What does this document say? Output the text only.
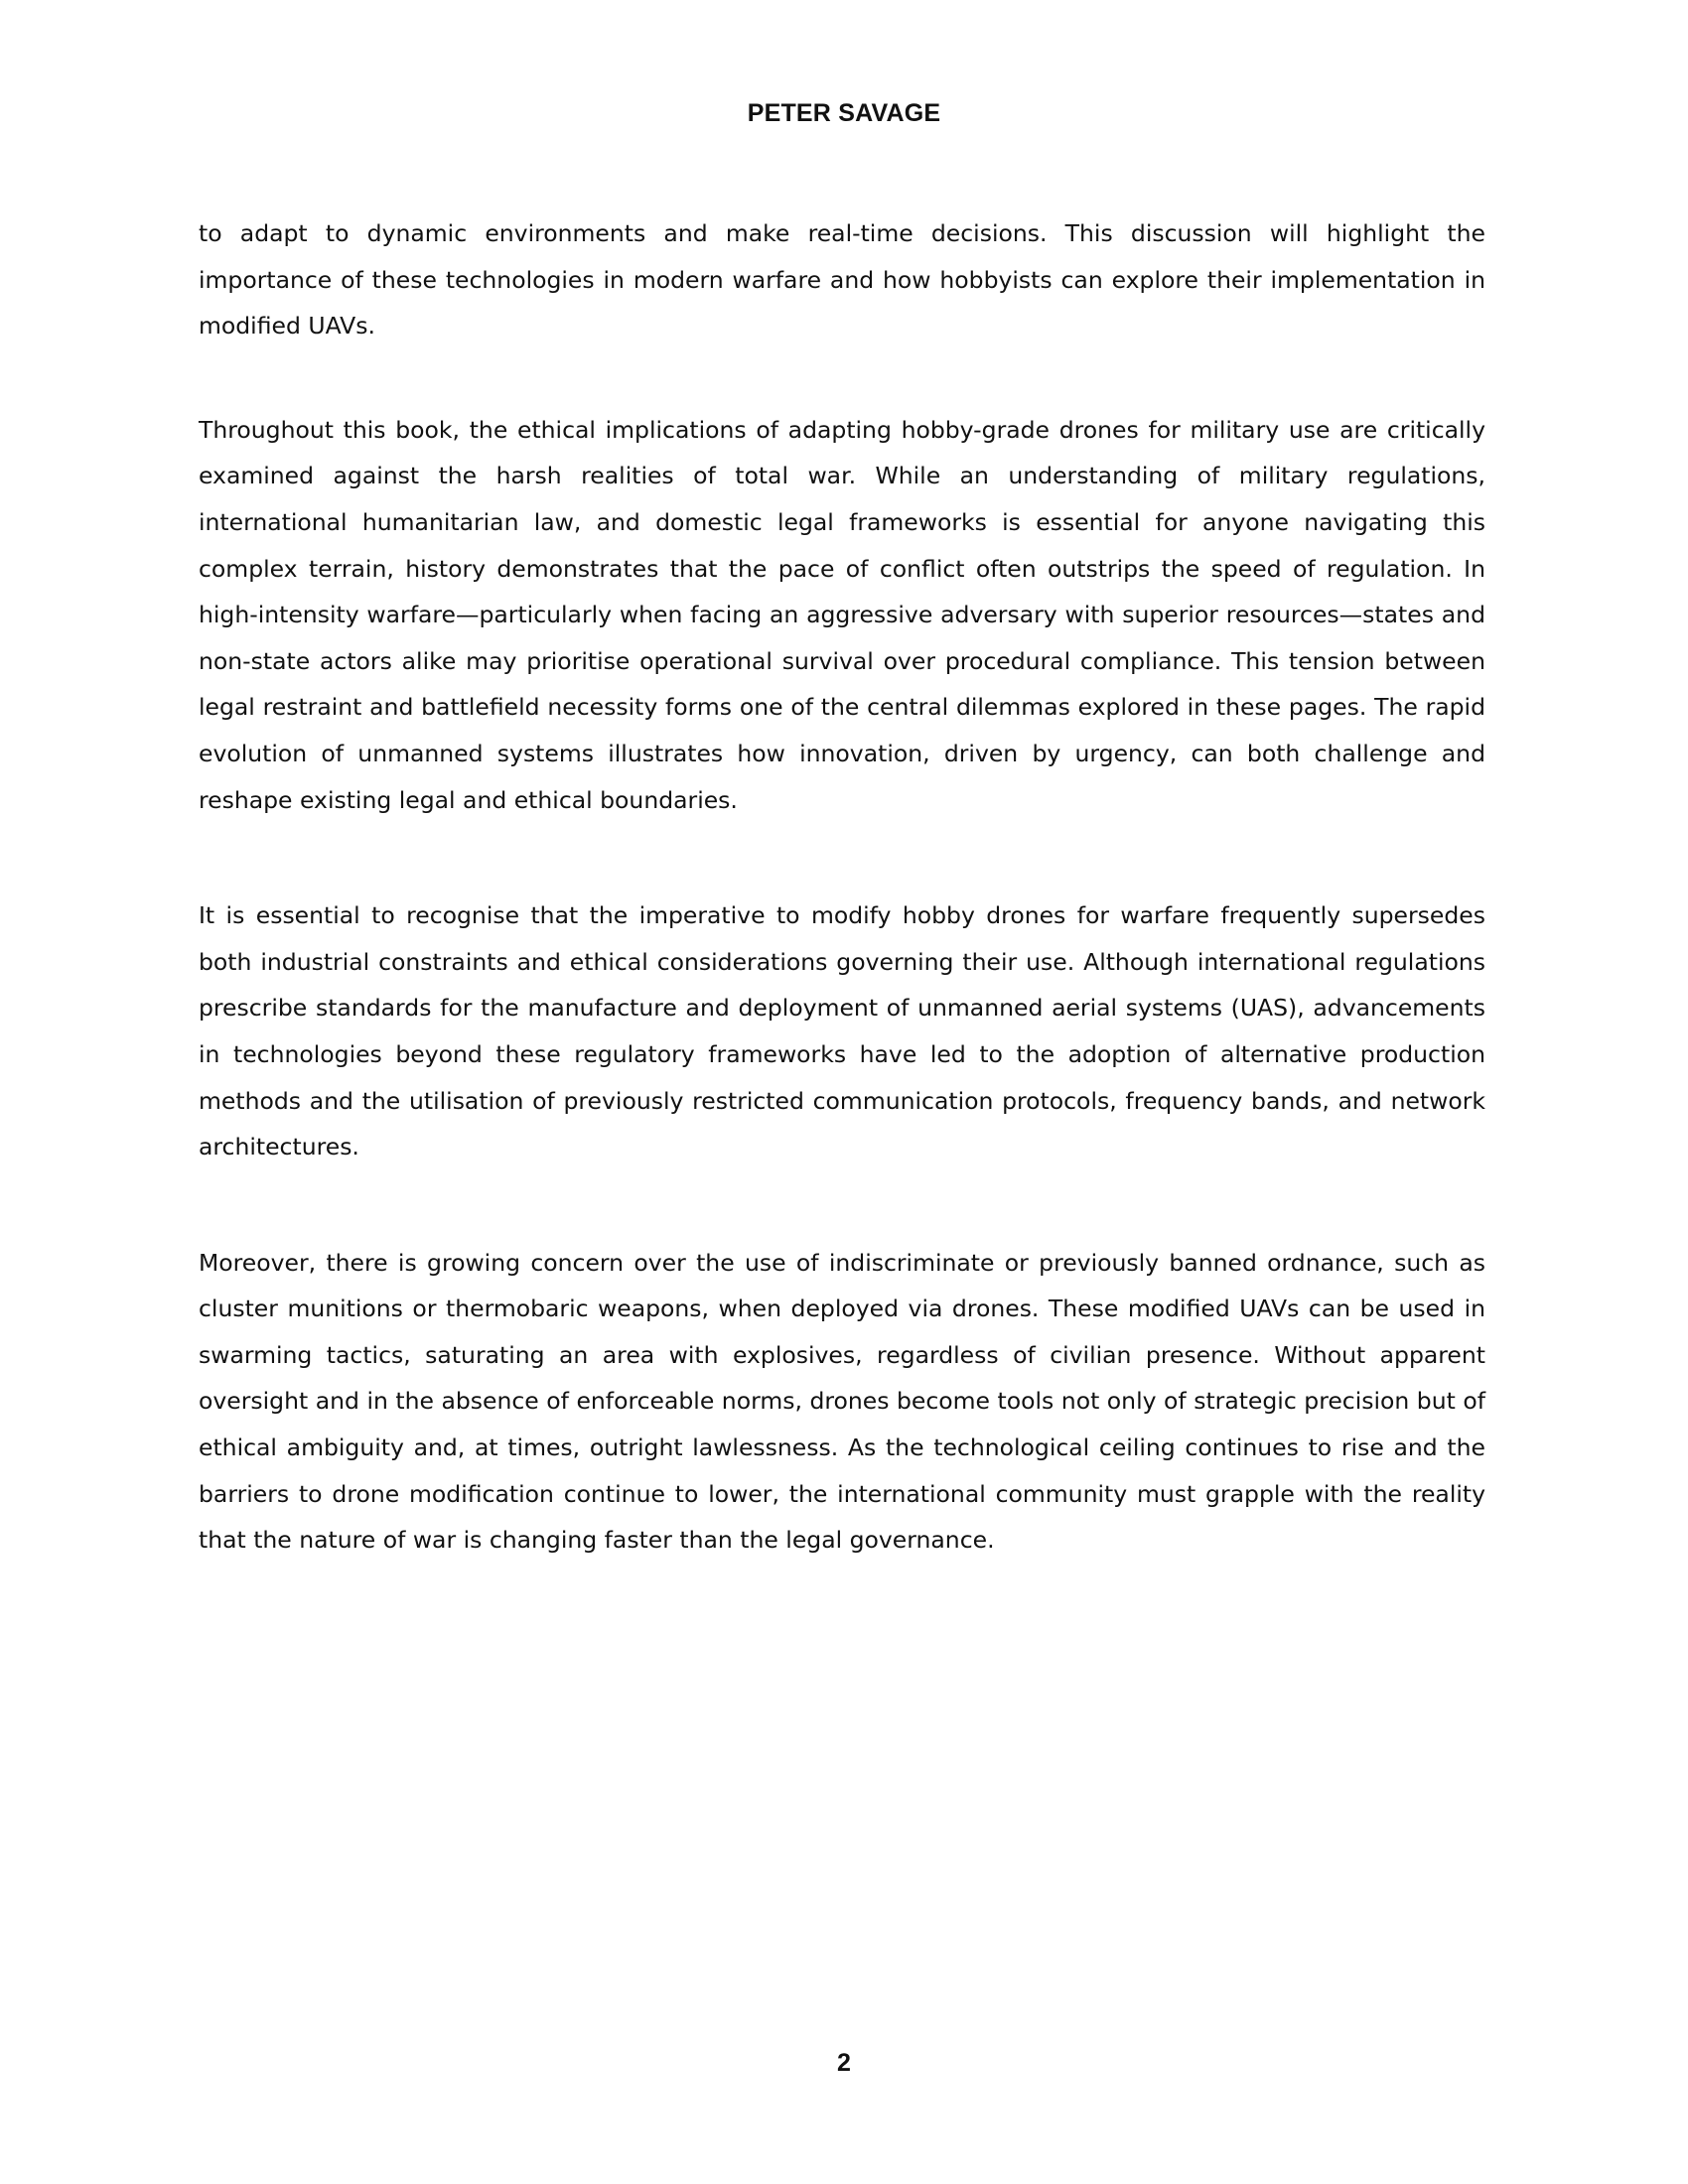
PETER SAVAGE

to adapt to dynamic environments and make real-time decisions. This discussion will highlight the importance of these technologies in modern warfare and how hobbyists can explore their implementation in modified UAVs.

Throughout this book, the ethical implications of adapting hobby-grade drones for military use are critically examined against the harsh realities of total war. While an understanding of military regulations, international humanitarian law, and domestic legal frameworks is essential for anyone navigating this complex terrain, history demonstrates that the pace of conflict often outstrips the speed of regulation. In high-intensity warfare—particularly when facing an aggressive adversary with superior resources—states and non-state actors alike may prioritise operational survival over procedural compliance. This tension between legal restraint and battlefield necessity forms one of the central dilemmas explored in these pages. The rapid evolution of unmanned systems illustrates how innovation, driven by urgency, can both challenge and reshape existing legal and ethical boundaries.

It is essential to recognise that the imperative to modify hobby drones for warfare frequently supersedes both industrial constraints and ethical considerations governing their use. Although international regulations prescribe standards for the manufacture and deployment of unmanned aerial systems (UAS), advancements in technologies beyond these regulatory frameworks have led to the adoption of alternative production methods and the utilisation of previously restricted communication protocols, frequency bands, and network architectures.

Moreover, there is growing concern over the use of indiscriminate or previously banned ordnance, such as cluster munitions or thermobaric weapons, when deployed via drones. These modified UAVs can be used in swarming tactics, saturating an area with explosives, regardless of civilian presence. Without apparent oversight and in the absence of enforceable norms, drones become tools not only of strategic precision but of ethical ambiguity and, at times, outright lawlessness. As the technological ceiling continues to rise and the barriers to drone modification continue to lower, the international community must grapple with the reality that the nature of war is changing faster than the legal governance.

2
